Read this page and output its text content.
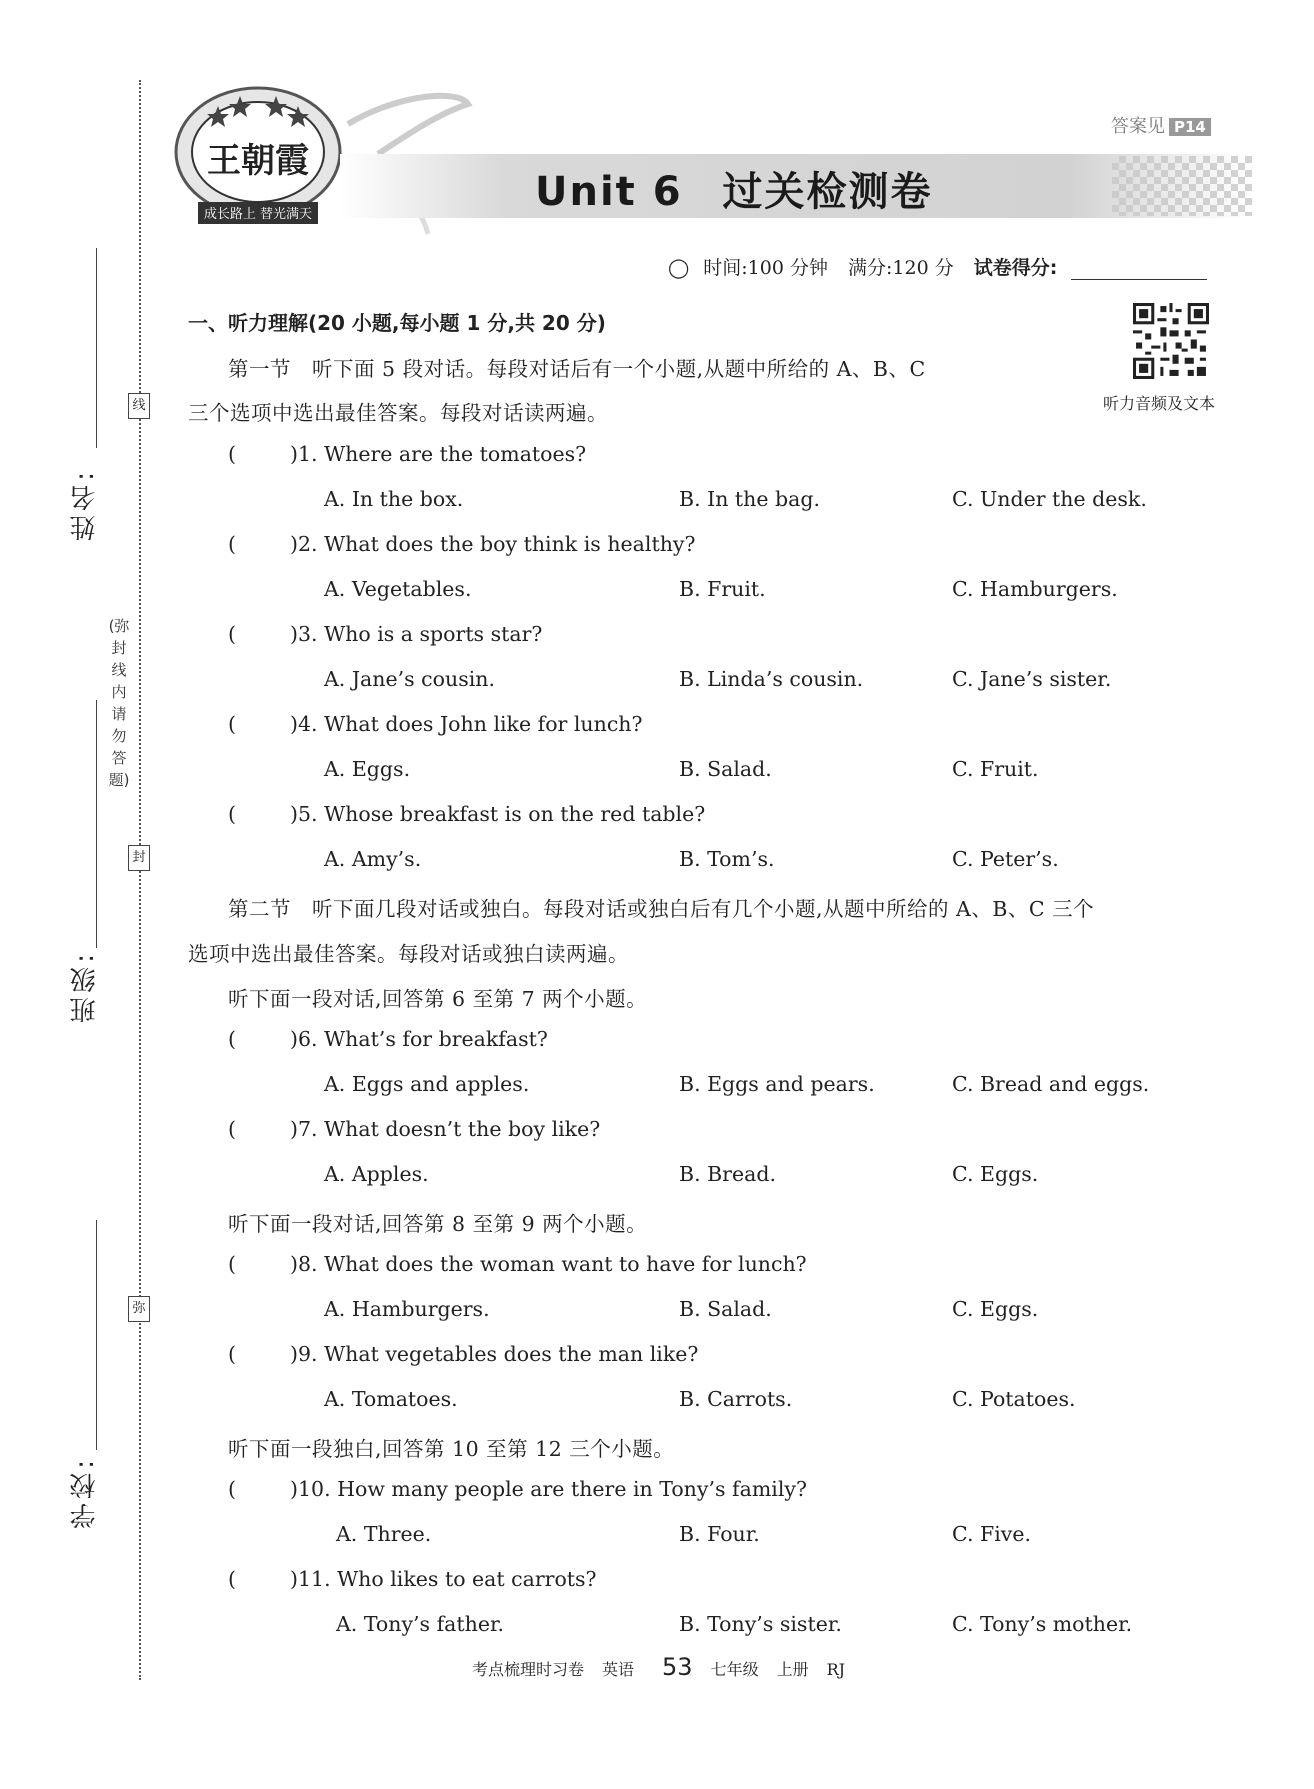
姓名:
班级:
学校:
线
封
弥
(弥封线内请勿答题)
王朝霞
成长路上 替光满天	Unit 6 过关检测卷
答案见 P14
◯ 时间:100 分钟 满分:120 分 试卷得分:
听力音频及文本
一、听力理解(20 小题,每小题 1 分,共 20 分)
第一节　听下面 5 段对话。每段对话后有一个小题,从题中所给的 A、B、C
三个选项中选出最佳答案。每段对话读两遍。
(	)1. Where are the tomatoes?
A. In the box.	B. In the bag.	C. Under the desk.
(	)2. What does the boy think is healthy?
A. Vegetables.	B. Fruit.	C. Hamburgers.
(	)3. Who is a sports star?
A. Jane’s cousin.	B. Linda’s cousin.	C. Jane’s sister.
(	)4. What does John like for lunch?
A. Eggs.	B. Salad.	C. Fruit.
(	)5. Whose breakfast is on the red table?
A. Amy’s.	B. Tom’s.	C. Peter’s.
第二节　听下面几段对话或独白。每段对话或独白后有几个小题,从题中所给的 A、B、C 三个
选项中选出最佳答案。每段对话或独白读两遍。
听下面一段对话,回答第 6 至第 7 两个小题。
(	)6. What’s for breakfast?
A. Eggs and apples.	B. Eggs and pears.	C. Bread and eggs.
(	)7. What doesn’t the boy like?
A. Apples.	B. Bread.	C. Eggs.
听下面一段对话,回答第 8 至第 9 两个小题。
(	)8. What does the woman want to have for lunch?
A. Hamburgers.	B. Salad.	C. Eggs.
(	)9. What vegetables does the man like?
A. Tomatoes.	B. Carrots.	C. Potatoes.
听下面一段独白,回答第 10 至第 12 三个小题。
(	)10. How many people are there in Tony’s family?
A. Three.	B. Four.	C. Five.
(	)11. Who likes to eat carrots?
A. Tony’s father.	B. Tony’s sister.	C. Tony’s mother.
考点梳理时习卷 英语 53 七年级 上册 RJ
